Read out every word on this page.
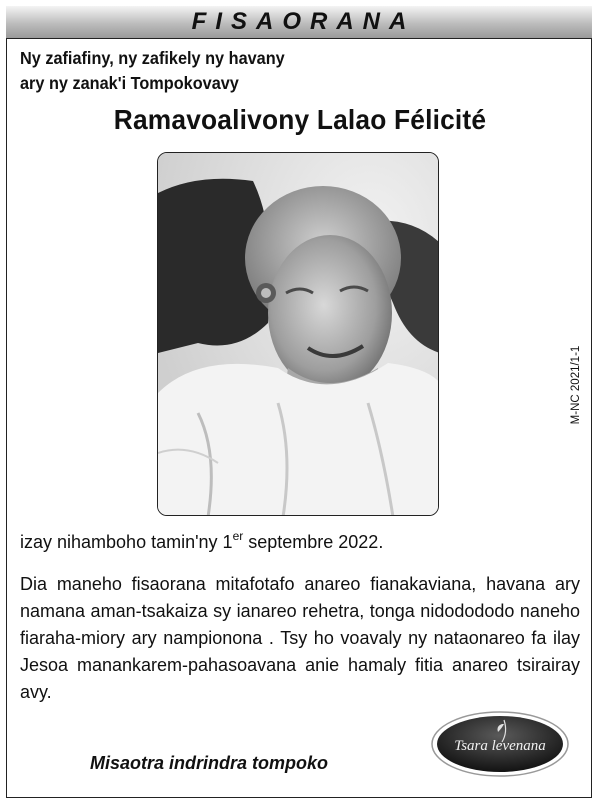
FISAORANA
Ny zafiafiny, ny zafikely ny havany
ary ny zanak'i Tompokovavy
Ramavoalivony Lalao Félicité
M-NC 2021/1-1
izay nihamboho tamin'ny 1er septembre 2022.
Dia maneho fisaorana mitafotafo anareo fianakaviana, havana ary namana aman-tsakaiza sy ianareo rehetra, tonga nidodododo naneho fiaraha-miory ary nampionona . Tsy ho voavaly ny nataonareo fa ilay Jesoa manankarem-pahasoavana anie hamaly fitia anareo tsirairay avy.
Misaotra indrindra tompoko
Tsara levenana
